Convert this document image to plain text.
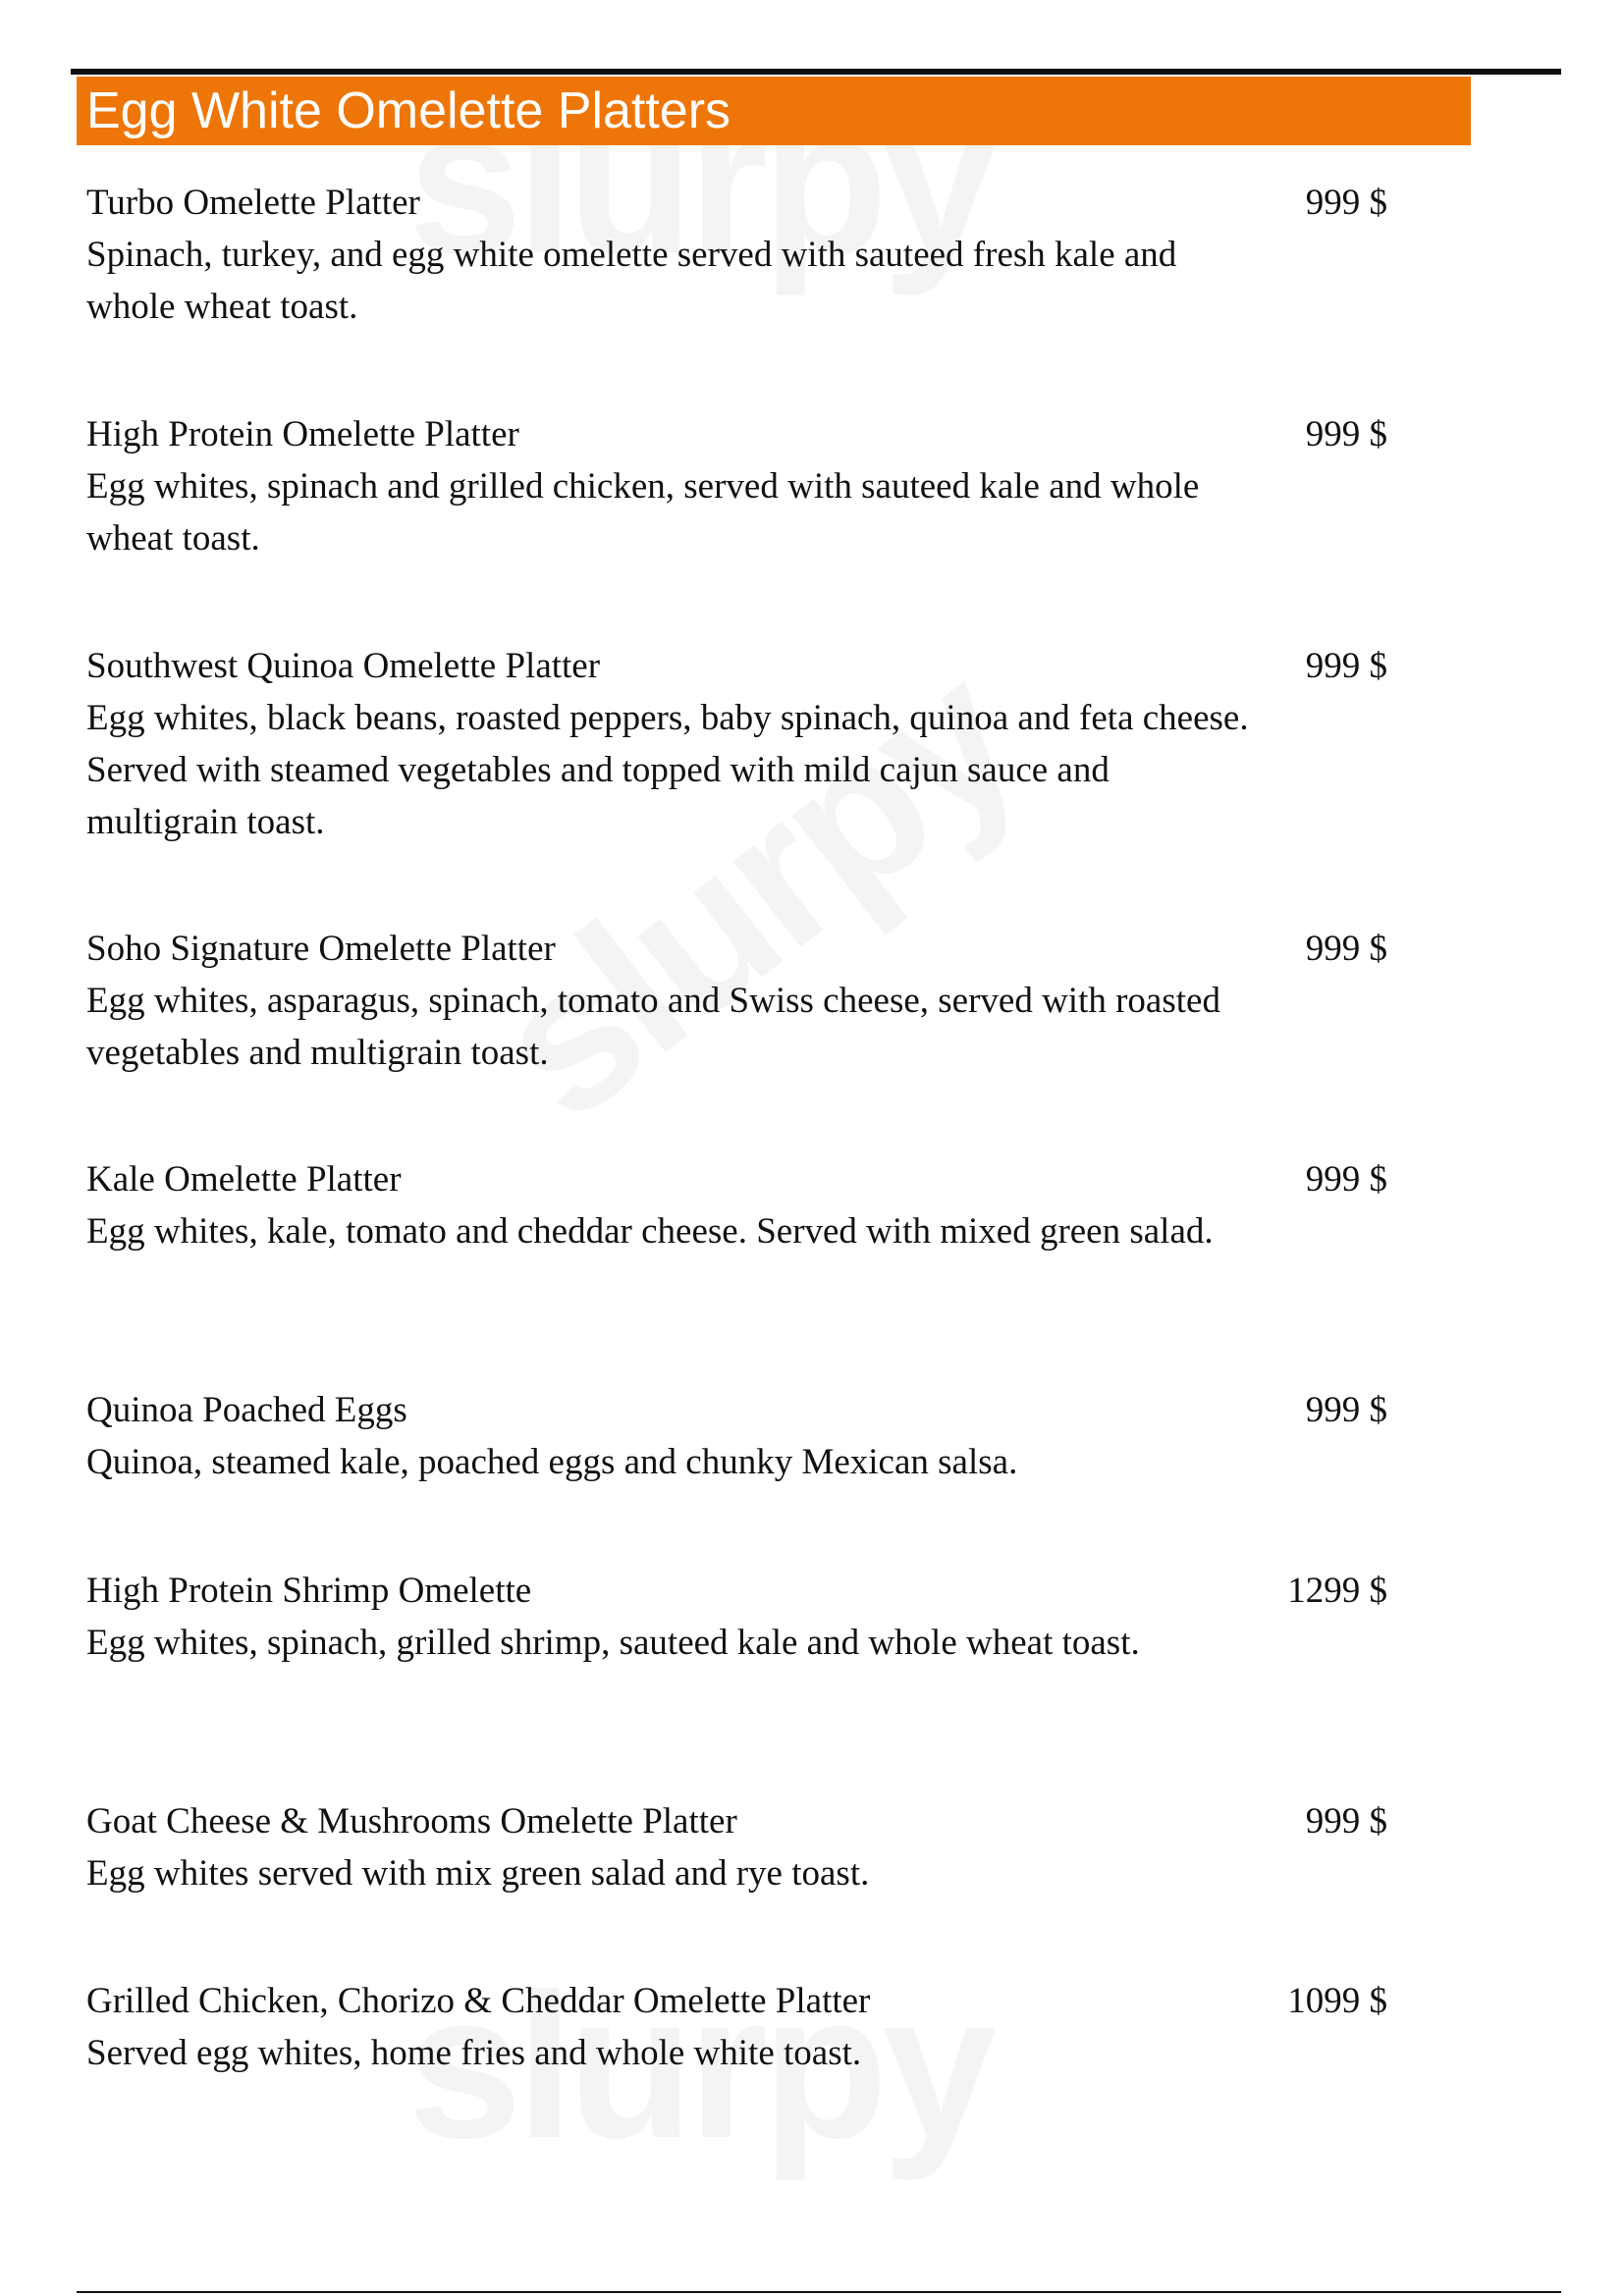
Egg White Omelette Platters
Turbo Omelette Platter	999 $
Spinach, turkey, and egg white omelette served with sauteed fresh kale and whole wheat toast.
High Protein Omelette Platter	999 $
Egg whites, spinach and grilled chicken, served with sauteed kale and whole wheat toast.
Southwest Quinoa Omelette Platter	999 $
Egg whites, black beans, roasted peppers, baby spinach, quinoa and feta cheese. Served with steamed vegetables and topped with mild cajun sauce and multigrain toast.
Soho Signature Omelette Platter	999 $
Egg whites, asparagus, spinach, tomato and Swiss cheese, served with roasted vegetables and multigrain toast.
Kale Omelette Platter	999 $
Egg whites, kale, tomato and cheddar cheese. Served with mixed green salad.
Quinoa Poached Eggs	999 $
Quinoa, steamed kale, poached eggs and chunky Mexican salsa.
High Protein Shrimp Omelette	1299 $
Egg whites, spinach, grilled shrimp, sauteed kale and whole wheat toast.
Goat Cheese & Mushrooms Omelette Platter	999 $
Egg whites served with mix green salad and rye toast.
Grilled Chicken, Chorizo & Cheddar Omelette Platter	1099 $
Served egg whites, home fries and whole white toast.
